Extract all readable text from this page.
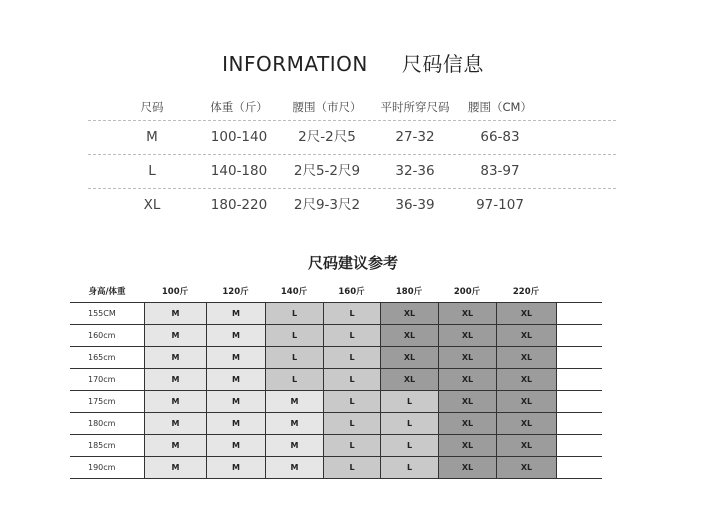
INFORMATION 尺码信息
尺码	体重（斤） 腰围（市尺） 平时所穿尺码 腰围（CM）
M	100-140 2尺-2尺5	27-32	66-83
L	140-180 2尺5-2尺9	32-36	83-97
XL	180-220 2尺9-3尺2	36-39	97-107
尺码建议参考
身高/体重	100斤	120斤	140斤	160斤	180斤	200斤	220斤
155CM	M	M	L	L	XL	XL	XL
160cm	M	M	L	L	XL	XL	XL
165cm	M	M	L	L	XL	XL	XL
170cm	M	M	L	L	XL	XL	XL
175cm	M	M	M	L	L	XL	XL
180cm	M	M	M	L	L	XL	XL
185cm	M	M	M	L	L	XL	XL
190cm	M	M	M	L	L	XL	XL
